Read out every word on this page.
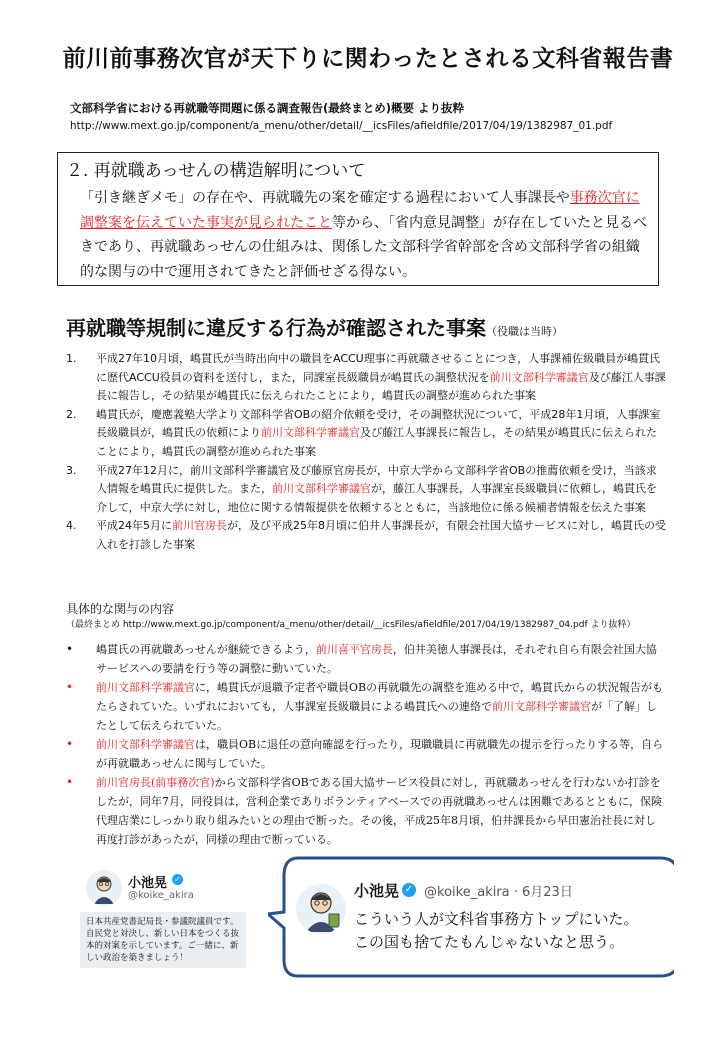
前川前事務次官が天下りに関わったとされる文科省報告書
文部科学省における再就職等問題に係る調査報告(最終まとめ)概要 より抜粋
http://www.mext.go.jp/component/a_menu/other/detail/__icsFiles/afieldfile/2017/04/19/1382987_01.pdf
２. 再就職あっせんの構造解明について
「引き継ぎメモ」の存在や、再就職先の案を確定する過程において人事課長や事務次官に調整案を伝えていた事実が見られたこと等から、「省内意見調整」が存在していたと見るべきであり、再就職あっせんの仕組みは、関係した文部科学省幹部を含め文部科学省の組織的な関与の中で運用されてきたと評価せざる得ない。
再就職等規制に違反する行為が確認された事案（役職は当時）
1.	平成27年10月頃，嶋貫氏が当時出向中の職員をACCU理事に再就職させることにつき，人事課補佐級職員が嶋貫氏に歴代ACCU役員の資料を送付し，また，同課室長級職員が嶋貫氏の調整状況を前川文部科学審議官及び藤江人事課長に報告し，その結果が嶋貫氏に伝えられたことにより，嶋貫氏の調整が進められた事案
2.	嶋貫氏が，慶應義塾大学より文部科学省OBの紹介依頼を受け，その調整状況について，平成28年1月頃，人事課室長級職員が，嶋貫氏の依頼により前川文部科学審議官及び藤江人事課長に報告し，その結果が嶋貫氏に伝えられたことにより，嶋貫氏の調整が進められた事案
3.	平成27年12月に，前川文部科学審議官及び藤原官房長が，中京大学から文部科学省OBの推薦依頼を受け，当該求人情報を嶋貫氏に提供した。また，前川文部科学審議官が，藤江人事課長，人事課室長級職員に依頼し，嶋貫氏を介して，中京大学に対し，地位に関する情報提供を依頼するとともに，当該地位に係る候補者情報を伝えた事案
4.	平成24年5月に前川官房長が，及び平成25年8月頃に伯井人事課長が，有限会社国大協サービスに対し，嶋貫氏の受入れを打診した事案
具体的な関与の内容
（最終まとめ http://www.mext.go.jp/component/a_menu/other/detail/__icsFiles/afieldfile/2017/04/19/1382987_04.pdf より抜粋）
•	嶋貫氏の再就職あっせんが継続できるよう，前川喜平官房長，伯井美徳人事課長は，それぞれ自ら有限会社国大協サービスへの要請を行う等の調整に動いていた。
•	前川文部科学審議官に，嶋貫氏が退職予定者や職員OBの再就職先の調整を進める中で，嶋貫氏からの状況報告がもたらされていた。いずれにおいても，人事課室長級職員による嶋貫氏への連絡で前川文部科学審議官が「了解」したとして伝えられていた。
•	前川文部科学審議官は，職員OBに退任の意向確認を行ったり，現職職員に再就職先の提示を行ったりする等，自らが再就職あっせんに関与していた。
•	前川官房長(前事務次官)から文部科学省OBである国大協サービス役員に対し，再就職あっせんを行わないか打診をしたが，同年7月，同役員は，営利企業でありボランティアベースでの再就職あっせんは困難であるとともに，保険代理店業にしっかり取り組みたいとの理由で断った。その後，平成25年8月頃，伯井課長から早田憲治社長に対し再度打診があったが，同様の理由で断っている。
小池晃 ✓
@koike_akira
日本共産党書記局長・参議院議員です。自民党と対決し、新しい日本をつくる抜本的対案を示しています。ご一緒に、新しい政治を築きましょう！
小池晃 ✓ @koike_akira · 6月23日
こういう人が文科省事務方トップにいた。
この国も捨てたもんじゃないなと思う。
